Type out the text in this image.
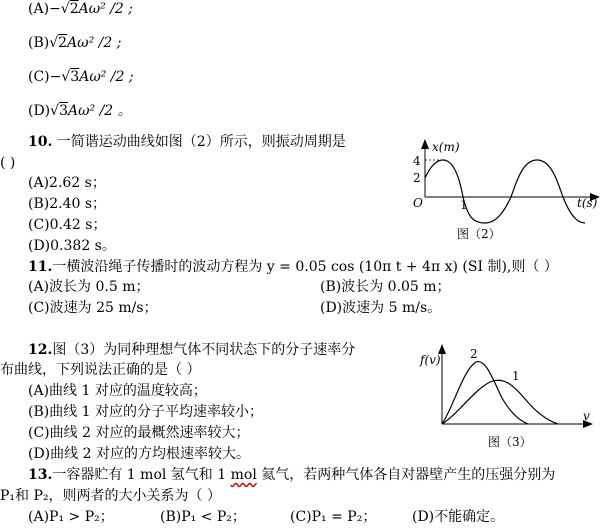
(A)−√2Aω² /2 ;
(B)√2Aω² /2 ;
(C)−√3Aω² /2 ;
(D)√3Aω² /2 。
10. 一简谐运动曲线如图（2）所示，则振动周期是
( )
(A)2.62 s；
(B)2.40 s；
(C)0.42 s；
(D)0.382 s。
x(m)
t(s)
4
2
O	1
图（2）
11.一横波沿绳子传播时的波动方程为 y = 0.05 cos (10π t + 4π x) (SI 制),则（ ）
(A)波长为 0.5 m；	(B)波长为 0.05 m；
(C)波速为 25 m/s；	(D)波速为 5 m/s。
12.图（3）为同种理想气体不同状态下的分子速率分
布曲线，下列说法正确的是（ ）
(A)曲线 1 对应的温度较高；
(B)曲线 1 对应的分子平均速率较小；
(C)曲线 2 对应的最概然速率较大；
(D)曲线 2 对应的方均根速率较大。
f(v)
v
2
1
图（3）
13.一容器贮有 1 mol 氢气和 1 mol 氦气，若两种气体各自对器壁产生的压强分别为
P₁和 P₂，则两者的大小关系为（ ）
(A)P₁ > P₂；	(B)P₁ < P₂；	(C)P₁ = P₂；	(D)不能确定。
